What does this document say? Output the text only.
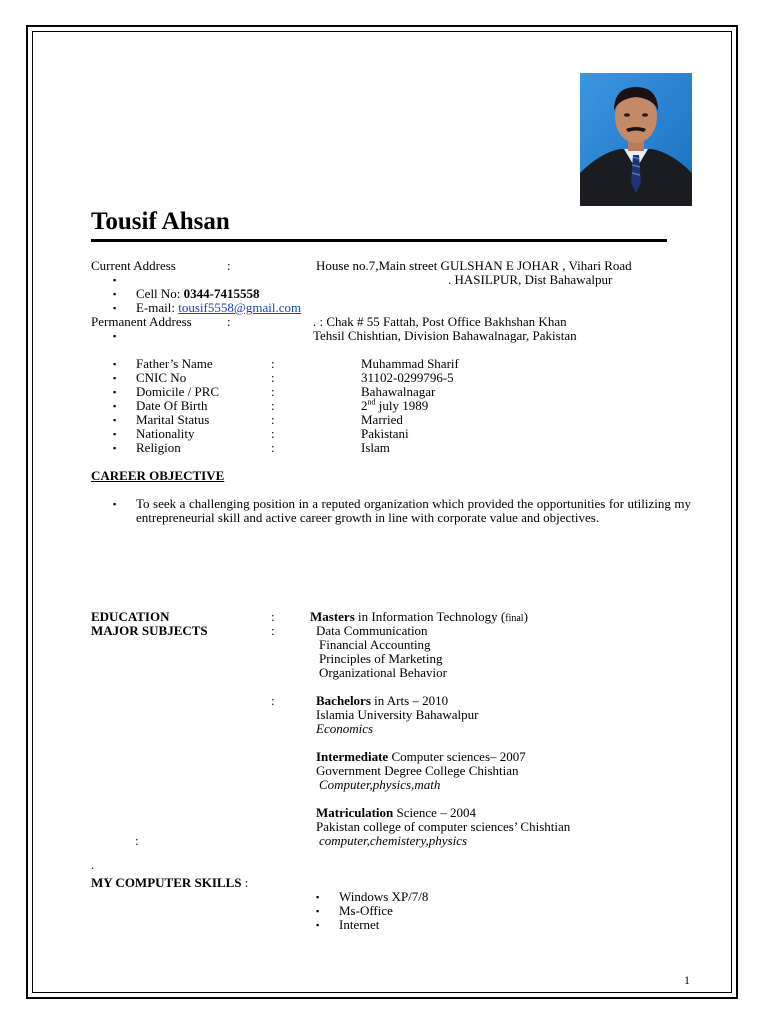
Tousif Ahsan
Current Address	:	House no.7,Main street GULSHAN E JOHAR , Vihari Road
▪	. HASILPUR, Dist Bahawalpur
▪ Cell No: 0344-7415558
▪ E-mail: tousif5558@gmail.com
Permanent Address	:	. : Chak # 55 Fattah, Post Office Bakhshan Khan
▪	Tehsil Chishtian, Division Bahawalnagar, Pakistan
▪ Father’s Name	:	Muhammad Sharif
▪ CNIC No	:	31102-0299796-5
▪ Domicile / PRC	:	Bahawalnagar
▪ Date Of Birth	:	2nd july 1989
▪ Marital Status	:	Married
▪ Nationality	:	Pakistani
▪ Religion	:	Islam
CAREER OBJECTIVE
▪ To seek a challenging position in a reputed organization which provided the opportunities for utilizing my entrepreneurial skill and active career growth in line with corporate value and objectives.
EDUCATION	:	Masters in Information Technology (final)
MAJOR SUBJECTS	:	Data Communication
Financial Accounting
Principles of Marketing
Organizational Behavior
:	Bachelors in Arts – 2010
Islamia University Bahawalpur
Economics
Intermediate Computer sciences– 2007
Government Degree College Chishtian
Computer,physics,math
Matriculation Science – 2004
Pakistan college of computer sciences’ Chishtian
:	computer,chemistery,physics
.
MY COMPUTER SKILLS :
▪ Windows XP/7/8
▪ Ms-Office
▪ Internet
1
